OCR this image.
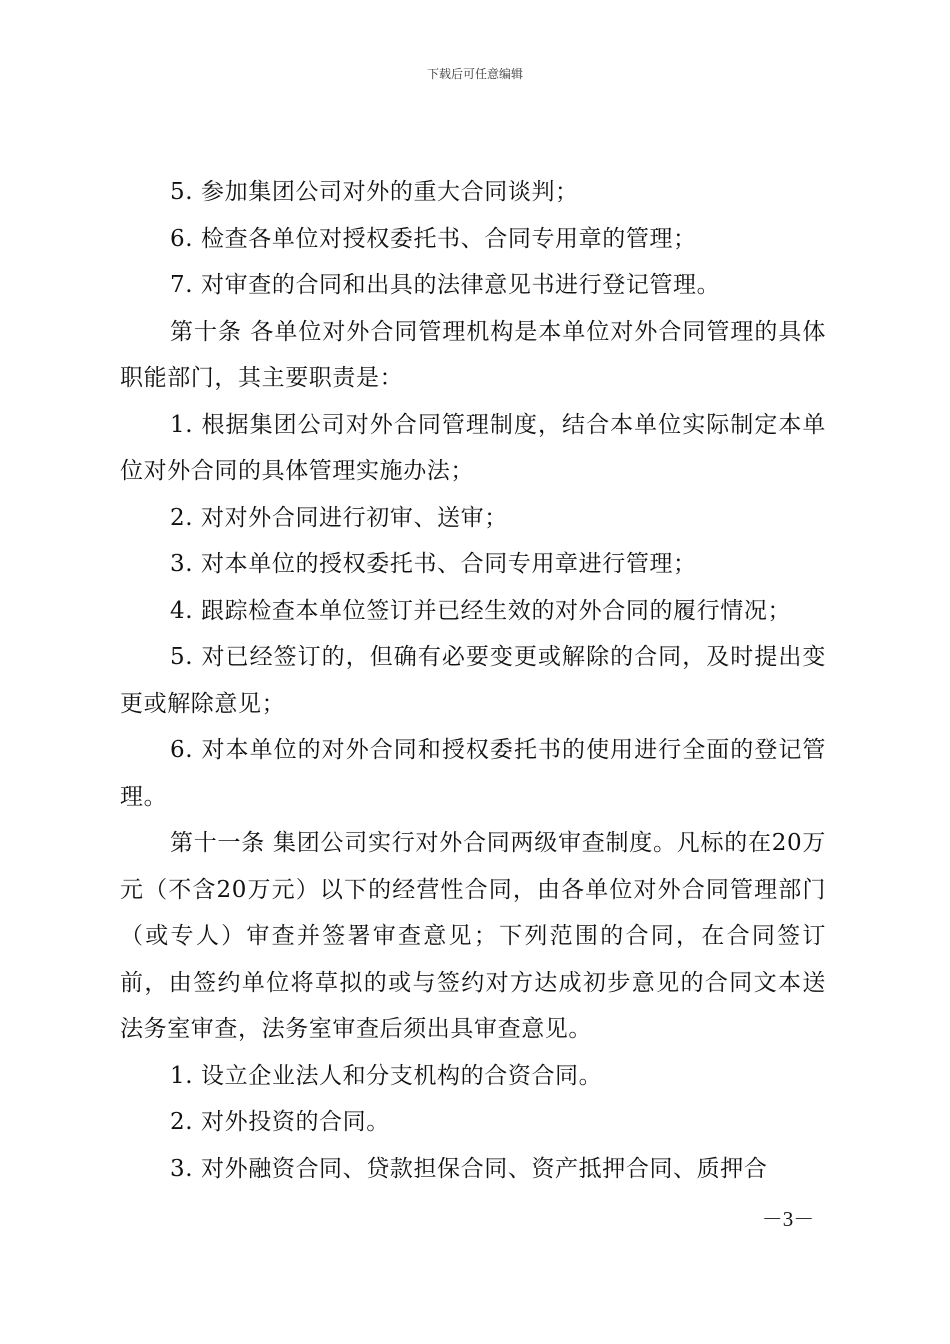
下载后可任意编辑

5. 参加集团公司对外的重大合同谈判；

6. 检查各单位对授权委托书、合同专用章的管理；

7. 对审查的合同和出具的法律意见书进行登记管理。

第十条 各单位对外合同管理机构是本单位对外合同管理的具体职能部门，其主要职责是：

1. 根据集团公司对外合同管理制度，结合本单位实际制定本单位对外合同的具体管理实施办法；

2. 对对外合同进行初审、送审；

3. 对本单位的授权委托书、合同专用章进行管理；

4. 跟踪检查本单位签订并已经生效的对外合同的履行情况；

5. 对已经签订的，但确有必要变更或解除的合同，及时提出变更或解除意见；

6. 对本单位的对外合同和授权委托书的使用进行全面的登记管理。

第十一条 集团公司实行对外合同两级审查制度。凡标的在20万元（不含20万元）以下的经营性合同，由各单位对外合同管理部门（或专人）审查并签署审查意见；下列范围的合同，在合同签订前，由签约单位将草拟的或与签约对方达成初步意见的合同文本送法务室审查，法务室审查后须出具审查意见。

1. 设立企业法人和分支机构的合资合同。

2. 对外投资的合同。

3. 对外融资合同、贷款担保合同、资产抵押合同、质押合

－3－
